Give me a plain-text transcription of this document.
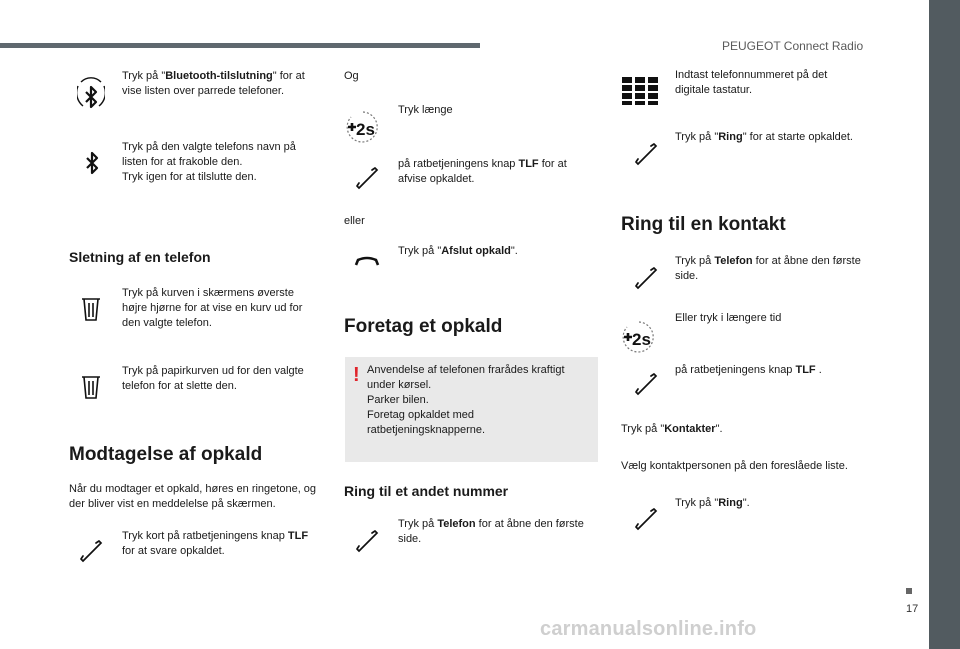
PEUGEOT Connect Radio
Tryk på "Bluetooth-tilslutning" for at vise listen over parrede telefoner.
Tryk på den valgte telefons navn på listen for at frakoble den.
Tryk igen for at tilslutte den.
Sletning af en telefon
Tryk på kurven i skærmens øverste højre hjørne for at vise en kurv ud for den valgte telefon.
Tryk på papirkurven ud for den valgte telefon for at slette den.
Modtagelse af opkald
Når du modtager et opkald, høres en ringetone, og der bliver vist en meddelelse på skærmen.
Tryk kort på ratbetjeningens knap TLF for at svare opkaldet.
Og
Tryk længe
på ratbetjeningens knap TLF for at afvise opkaldet.
eller
Tryk på "Afslut opkald".
Foretag et opkald
! Anvendelse af telefonen frarådes kraftigt under kørsel.
Parker bilen.
Foretag opkaldet med ratbetjeningsknapperne.
Ring til et andet nummer
Tryk på Telefon for at åbne den første side.
Indtast telefonnummeret på det digitale tastatur.
Tryk på "Ring" for at starte opkaldet.
Ring til en kontakt
Tryk på Telefon for at åbne den første side.
Eller tryk i længere tid
på ratbetjeningens knap TLF .
Tryk på "Kontakter".
Vælg kontaktpersonen på den foreslåede liste.
Tryk på "Ring".
17
carmanualsonline.info
